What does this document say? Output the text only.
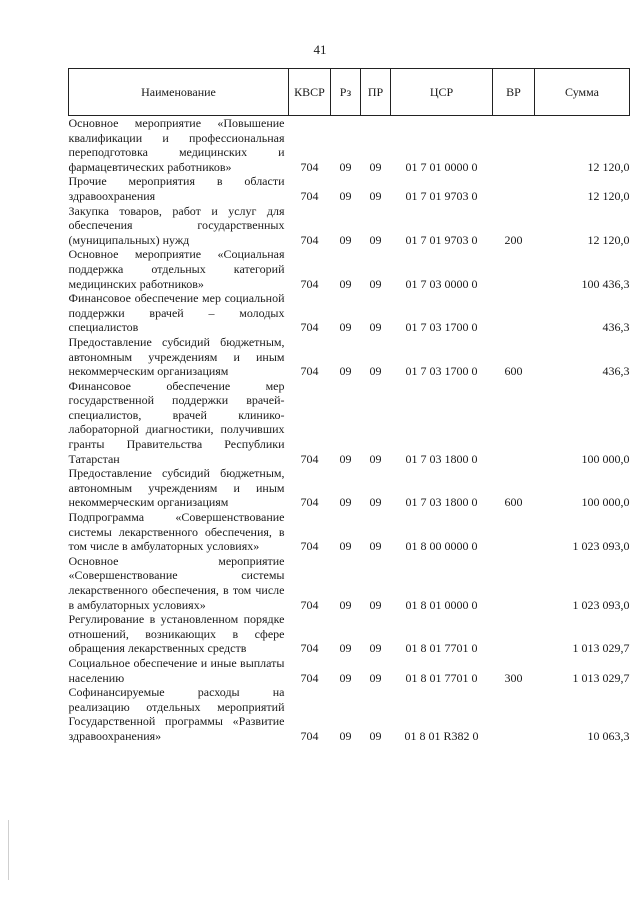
41
Наименование	КВСР	Рз	ПР	ЦСР	ВР	Сумма
Основное мероприятие «Повышение квалификации и профессиональная переподготовка медицинских и фармацевтических работников»	704	09	09	01 7 01 0000 0		12 120,0
Прочие мероприятия в области здравоохранения	704	09	09	01 7 01 9703 0		12 120,0
Закупка товаров, работ и услуг для обеспечения государственных (муниципальных) нужд	704	09	09	01 7 01 9703 0	200	12 120,0
Основное мероприятие «Социальная поддержка отдельных категорий медицинских работников»	704	09	09	01 7 03 0000 0		100 436,3
Финансовое обеспечение мер социальной поддержки врачей – молодых специалистов	704	09	09	01 7 03 1700 0		436,3
Предоставление субсидий бюджетным, автономным учреждениям и иным некоммерческим организациям	704	09	09	01 7 03 1700 0	600	436,3
Финансовое обеспечение мер государственной поддержки врачей-специалистов, врачей клинико-лабораторной диагностики, получивших гранты Правительства Республики Татарстан	704	09	09	01 7 03 1800 0		100 000,0
Предоставление субсидий бюджетным, автономным учреждениям и иным некоммерческим организациям	704	09	09	01 7 03 1800 0	600	100 000,0
Подпрограмма «Совершенствование системы лекарственного обеспечения, в том числе в амбулаторных условиях»	704	09	09	01 8 00 0000 0		1 023 093,0
Основное мероприятие «Совершенствование системы лекарственного обеспечения, в том числе в амбулаторных условиях»	704	09	09	01 8 01 0000 0		1 023 093,0
Регулирование в установленном порядке отношений, возникающих в сфере обращения лекарственных средств	704	09	09	01 8 01 7701 0		1 013 029,7
Социальное обеспечение и иные выплаты населению	704	09	09	01 8 01 7701 0	300	1 013 029,7
Софинансируемые расходы на реализацию отдельных мероприятий Государственной программы «Развитие здравоохранения»	704	09	09	01 8 01 R382 0		10 063,3
